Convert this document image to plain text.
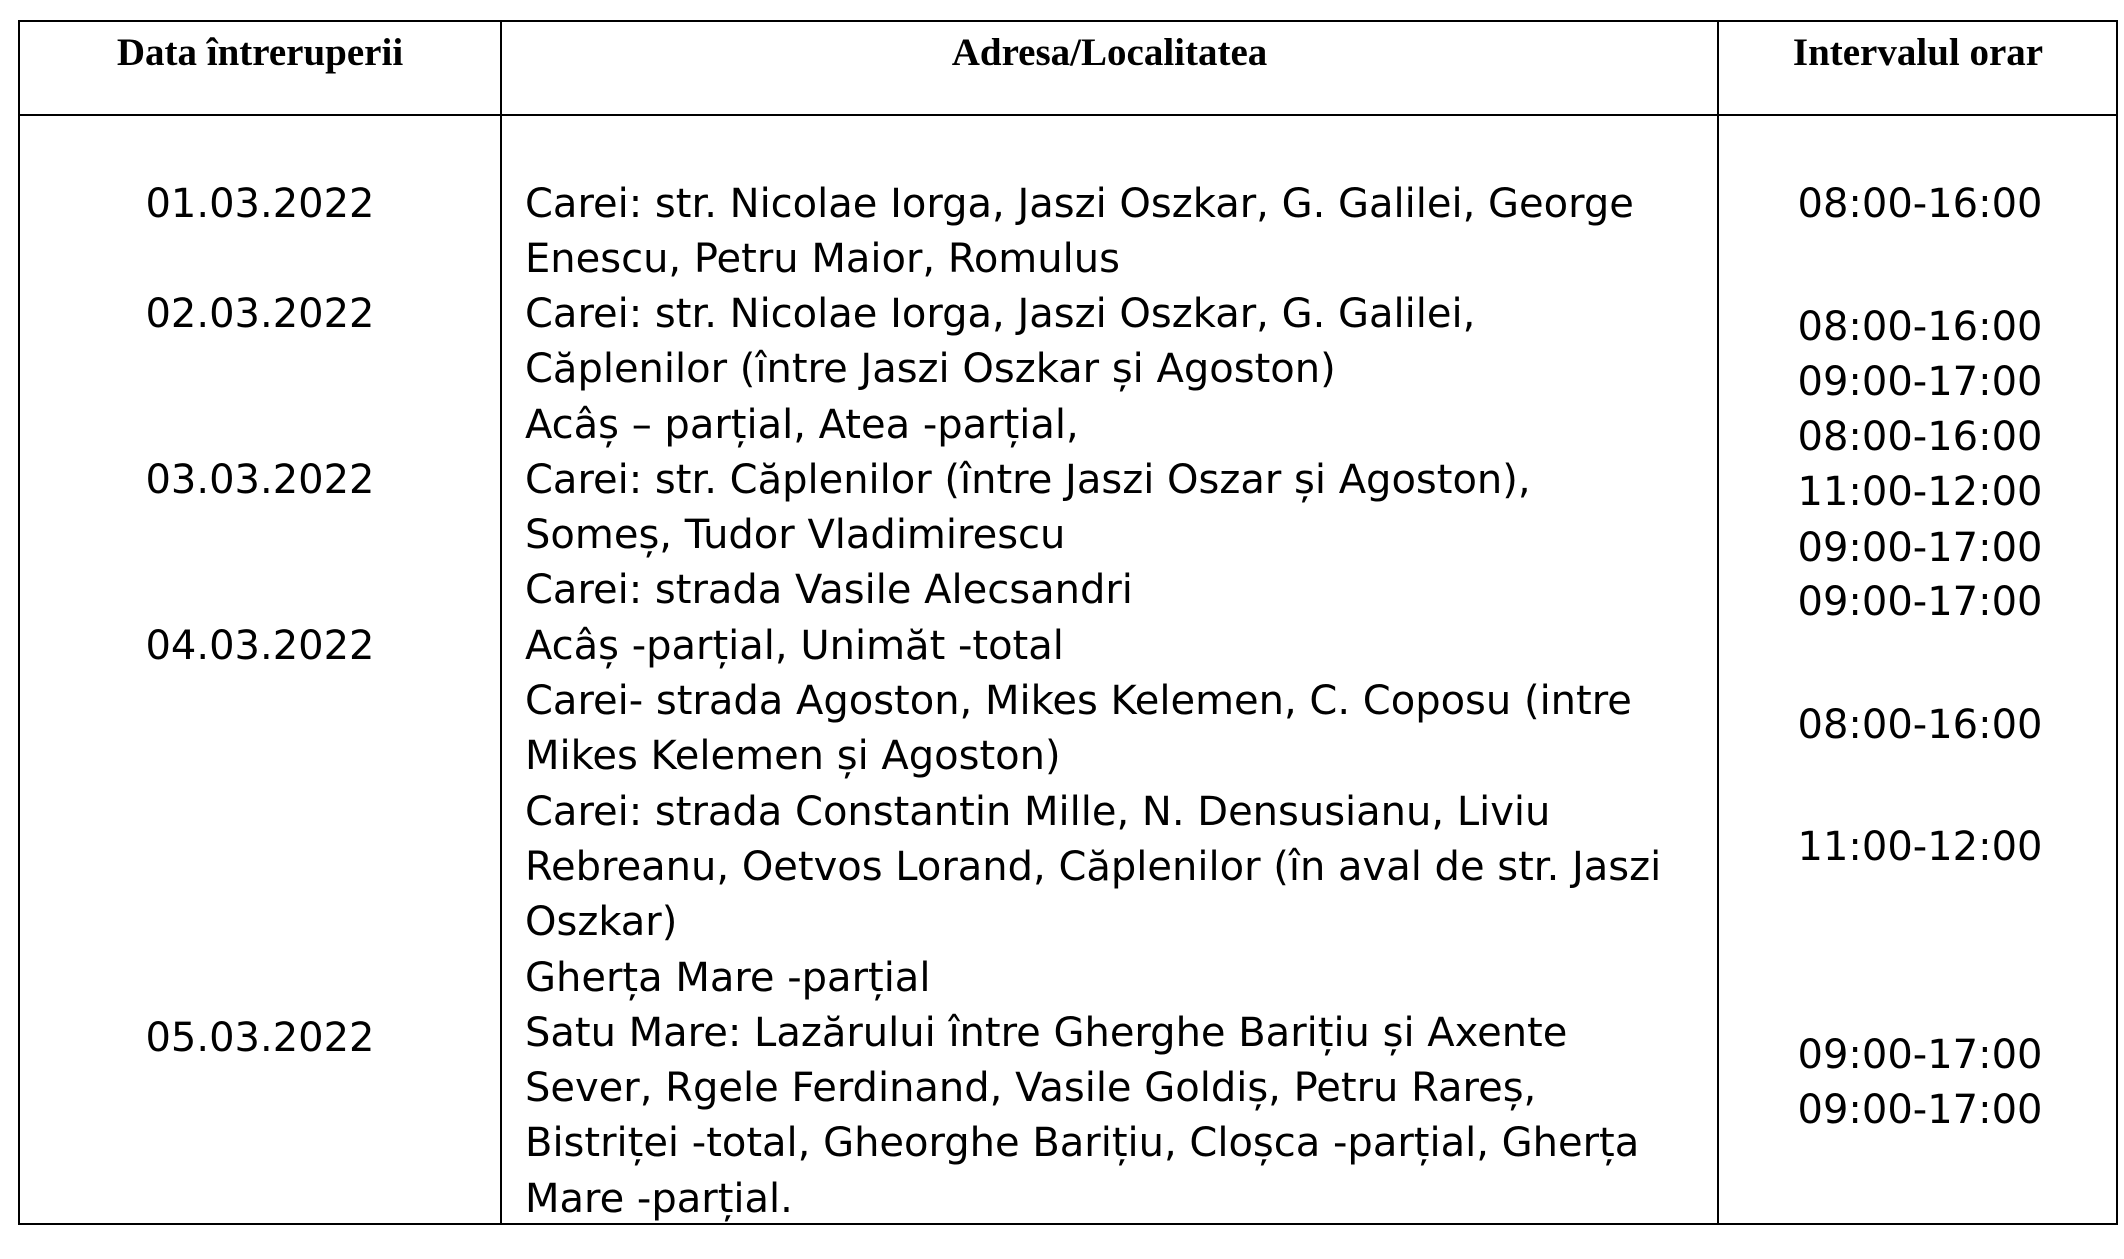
Data întreruperii	Adresa/Localitatea	Intervalul orar
01.03.2022
02.03.2022
03.03.2022
04.03.2022
05.03.2022
Carei: str. Nicolae Iorga, Jaszi Oszkar, G. Galilei, George
Enescu, Petru Maior, Romulus
Carei: str. Nicolae Iorga, Jaszi Oszkar, G. Galilei,
Căplenilor (între Jaszi Oszkar și Agoston)
Acâș – parțial, Atea -parțial,
Carei: str. Căplenilor (între Jaszi Oszar și Agoston),
Someș, Tudor Vladimirescu
Carei: strada Vasile Alecsandri
Acâș -parțial, Unimăt -total
Carei- strada Agoston, Mikes Kelemen, C. Coposu (intre
Mikes Kelemen și Agoston)
Carei: strada Constantin Mille, N. Densusianu, Liviu
Rebreanu, Oetvos Lorand, Căplenilor (în aval de str. Jaszi
Oszkar)
Gherța Mare -parțial
Satu Mare: Lazărului între Gherghe Barițiu și Axente
Sever, Rgele Ferdinand, Vasile Goldiș, Petru Rareș,
Bistriței -total, Gheorghe Barițiu, Cloșca -parțial, Gherța
Mare -parțial.
08:00-16:00
08:00-16:00
09:00-17:00
08:00-16:00
11:00-12:00
09:00-17:00
09:00-17:00
08:00-16:00
11:00-12:00
09:00-17:00
09:00-17:00
